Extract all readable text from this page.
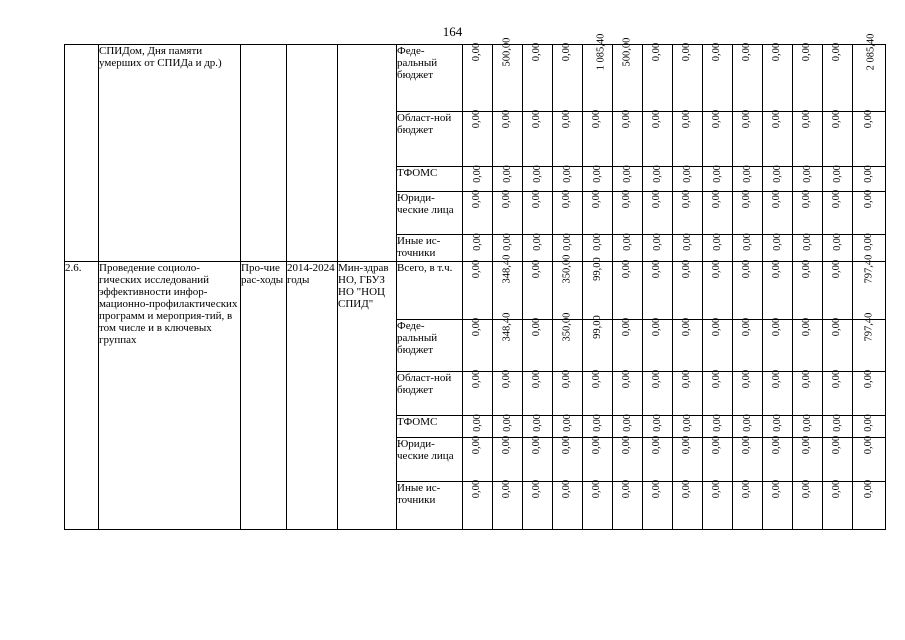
164
	СПИДом, Дня памяти умерших от СПИДа и др.)				Феде-ральный бюджет	0,00	500,00	0,00	0,00	1 085,40	500,00	0,00	0,00	0,00	0,00	0,00	0,00	0,00	2 085,40
					Област-ной бюджет	0,00	0,00	0,00	0,00	0,00	0,00	0,00	0,00	0,00	0,00	0,00	0,00	0,00	0,00
					ТФОМС	0,00	0,00	0,00	0,00	0,00	0,00	0,00	0,00	0,00	0,00	0,00	0,00	0,00	0,00
					Юриди-ческие лица	0,00	0,00	0,00	0,00	0,00	0,00	0,00	0,00	0,00	0,00	0,00	0,00	0,00	0,00
					Иные ис-точники	0,00	0,00	0,00	0,00	0,00	0,00	0,00	0,00	0,00	0,00	0,00	0,00	0,00	0,00
2.6.	Проведение социоло-гических исследований эффективности инфор-мационно-профилактических программ и мероприя-тий, в том числе и в ключевых группах	Про-чие рас-ходы	2014-2024 годы	Мин-здрав НО, ГБУЗ НО "НОЦ СПИД"	Всего, в т.ч.	0,00	348,40	0,00	350,00	99,00	0,00	0,00	0,00	0,00	0,00	0,00	0,00	0,00	797,40
					Феде-ральный бюджет	0,00	348,40	0,00	350,00	99,00	0,00	0,00	0,00	0,00	0,00	0,00	0,00	0,00	797,40
					Област-ной бюджет	0,00	0,00	0,00	0,00	0,00	0,00	0,00	0,00	0,00	0,00	0,00	0,00	0,00	0,00
					ТФОМС	0,00	0,00	0,00	0,00	0,00	0,00	0,00	0,00	0,00	0,00	0,00	0,00	0,00	0,00
					Юриди-ческие лица	0,00	0,00	0,00	0,00	0,00	0,00	0,00	0,00	0,00	0,00	0,00	0,00	0,00	0,00
					Иные ис-точники	0,00	0,00	0,00	0,00	0,00	0,00	0,00	0,00	0,00	0,00	0,00	0,00	0,00	0,00
